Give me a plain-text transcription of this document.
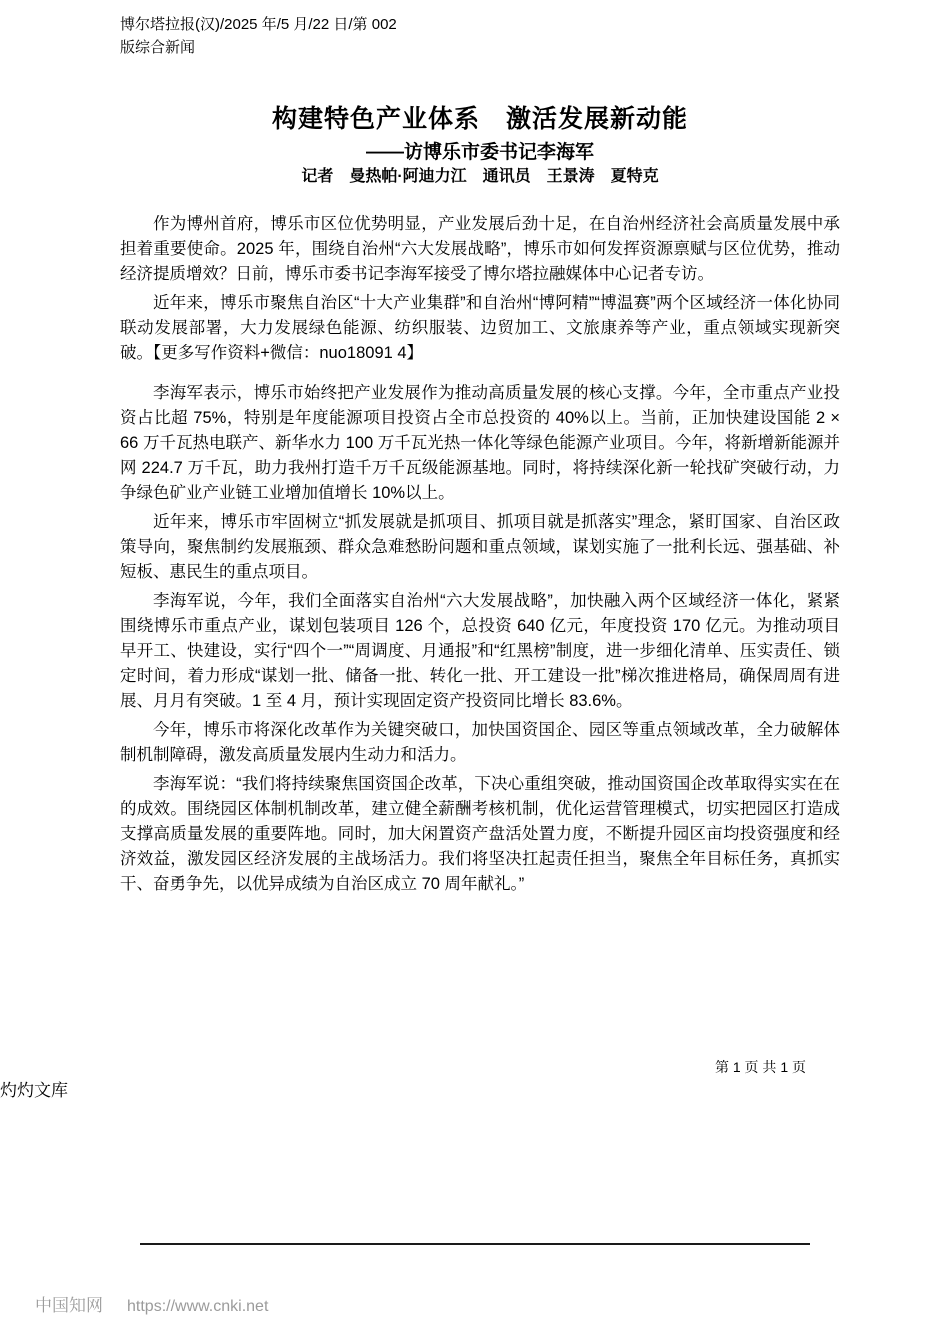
博尔塔拉报(汉)/2025 年/5 月/22 日/第 002
版综合新闻
构建特色产业体系　激活发展新动能
——访博乐市委书记李海军
记者　曼热帕·阿迪力江　通讯员　王景涛　夏特克

作为博州首府，博乐市区位优势明显，产业发展后劲十足，在自治州经济社会高质量发展中承担着重要使命。2025 年，围绕自治州“六大发展战略”，博乐市如何发挥资源禀赋与区位优势，推动经济提质增效？日前，博乐市委书记李海军接受了博尔塔拉融媒体中心记者专访。

近年来，博乐市聚焦自治区“十大产业集群”和自治州“博阿精”“博温赛”两个区域经济一体化协同联动发展部署，大力发展绿色能源、纺织服装、边贸加工、文旅康养等产业，重点领域实现新突破。【更多写作资料+微信：nuo18091 4】

李海军表示，博乐市始终把产业发展作为推动高质量发展的核心支撑。今年，全市重点产业投资占比超 75%，特别是年度能源项目投资占全市总投资的 40%以上。当前，正加快建设国能 2 × 66 万千瓦热电联产、新华水力 100 万千瓦光热一体化等绿色能源产业项目。今年，将新增新能源并网 224.7 万千瓦，助力我州打造千万千瓦级能源基地。同时，将持续深化新一轮找矿突破行动，力争绿色矿业产业链工业增加值增长 10%以上。

近年来，博乐市牢固树立“抓发展就是抓项目、抓项目就是抓落实”理念，紧盯国家、自治区政策导向，聚焦制约发展瓶颈、群众急难愁盼问题和重点领域，谋划实施了一批利长远、强基础、补短板、惠民生的重点项目。

李海军说，今年，我们全面落实自治州“六大发展战略”，加快融入两个区域经济一体化，紧紧围绕博乐市重点产业，谋划包装项目 126 个，总投资 640 亿元，年度投资 170 亿元。为推动项目早开工、快建设，实行“四个一”“周调度、月通报”和“红黑榜”制度，进一步细化清单、压实责任、锁定时间，着力形成“谋划一批、储备一批、转化一批、开工建设一批”梯次推进格局，确保周周有进展、月月有突破。1 至 4 月，预计实现固定资产投资同比增长 83.6%。

今年，博乐市将深化改革作为关键突破口，加快国资国企、园区等重点领域改革，全力破解体制机制障碍，激发高质量发展内生动力和活力。

李海军说：“我们将持续聚焦国资国企改革，下决心重组突破，推动国资国企改革取得实实在在的成效。围绕园区体制机制改革，建立健全薪酬考核机制，优化运营管理模式，切实把园区打造成支撑高质量发展的重要阵地。同时，加大闲置资产盘活处置力度，不断提升园区亩均投资强度和经济效益，激发园区经济发展的主战场活力。我们将坚决扛起责任担当，聚焦全年目标任务，真抓实干、奋勇争先，以优异成绩为自治区成立 70 周年献礼。”

第 1 页 共 1 页
灼灼文库
中国知网 https://www.cnki.net
